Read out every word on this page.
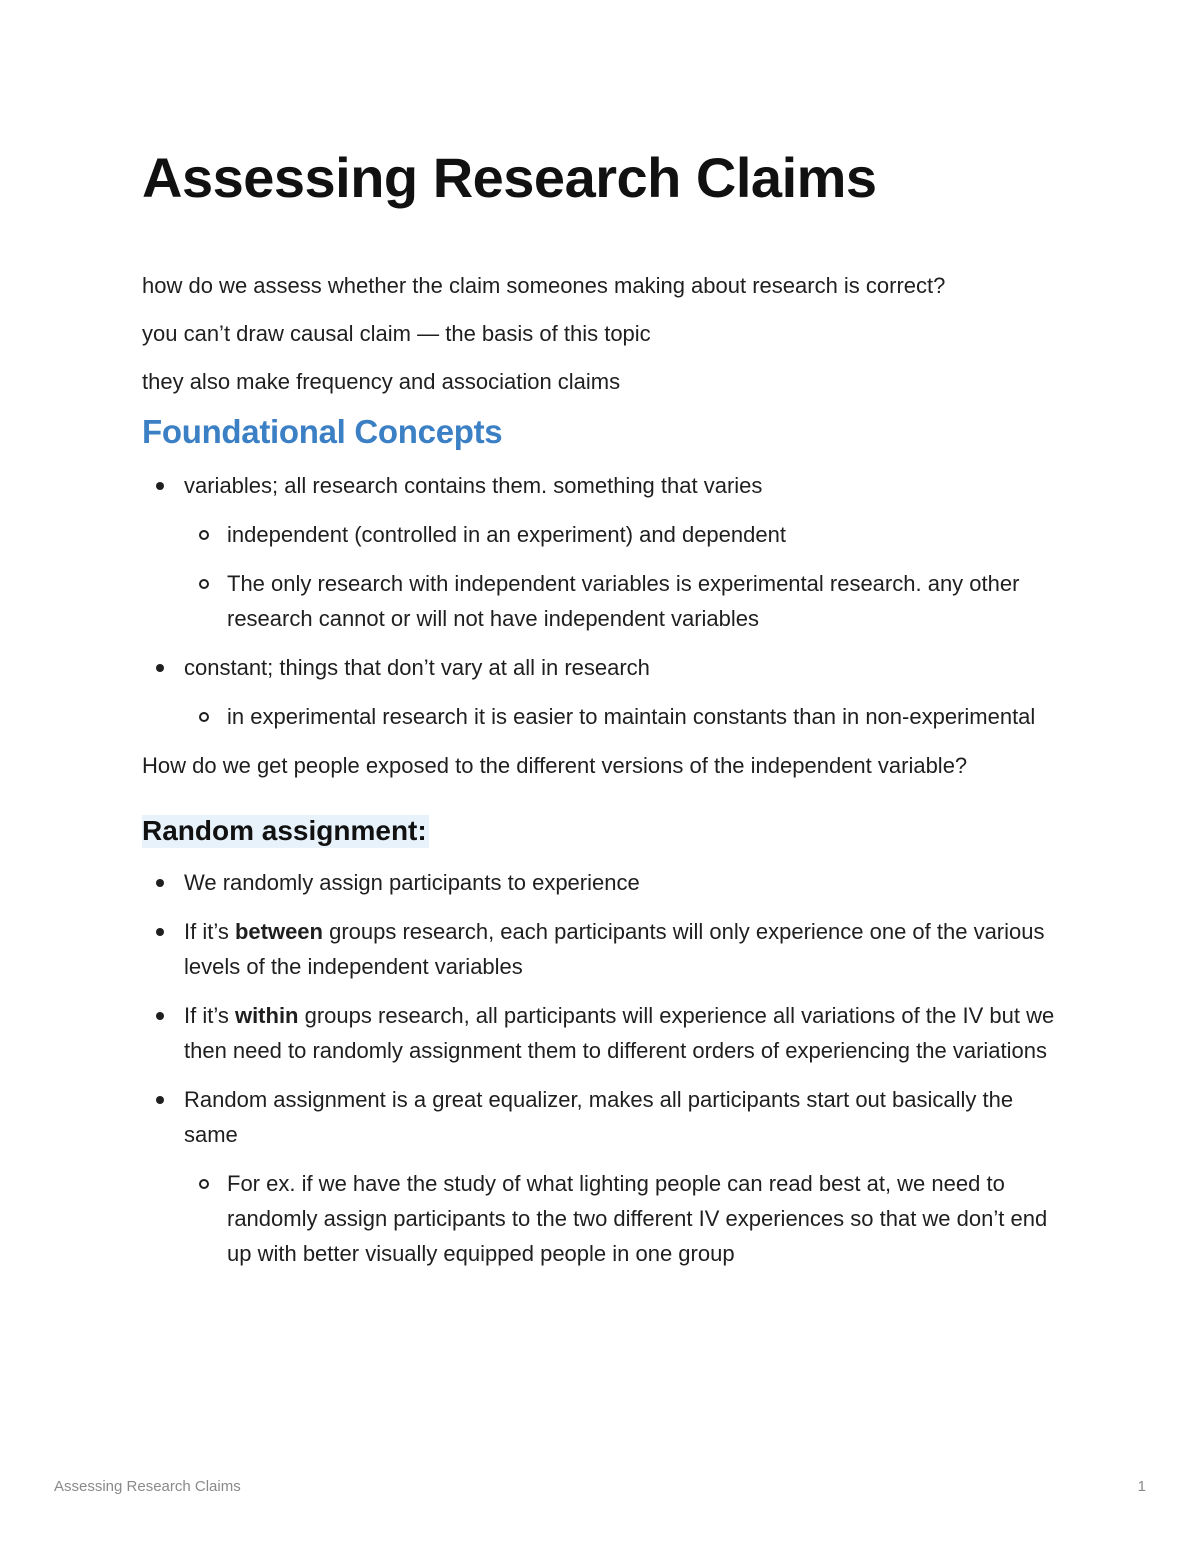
Assessing Research Claims

how do we assess whether the claim someones making about research is correct?

you can’t draw causal claim — the basis of this topic

they also make frequency and association claims

Foundational Concepts
variables; all research contains them. something that varies
independent (controlled in an experiment) and dependent
The only research with independent variables is experimental research. any other research cannot or will not have independent variables
constant; things that don’t vary at all in research
in experimental research it is easier to maintain constants than in non-experimental

How do we get people exposed to the different versions of the independent variable?

Random assignment:
We randomly assign participants to experience
If it’s between groups research, each participants will only experience one of the various levels of the independent variables
If it’s within groups research, all participants will experience all variations of the IV but we then need to randomly assignment them to different orders of experiencing the variations
Random assignment is a great equalizer, makes all participants start out basically the same
For ex. if we have the study of what lighting people can read best at, we need to randomly assign participants to the two different IV experiences so that we don’t end up with better visually equipped people in one group
Assessing Research Claims	1
